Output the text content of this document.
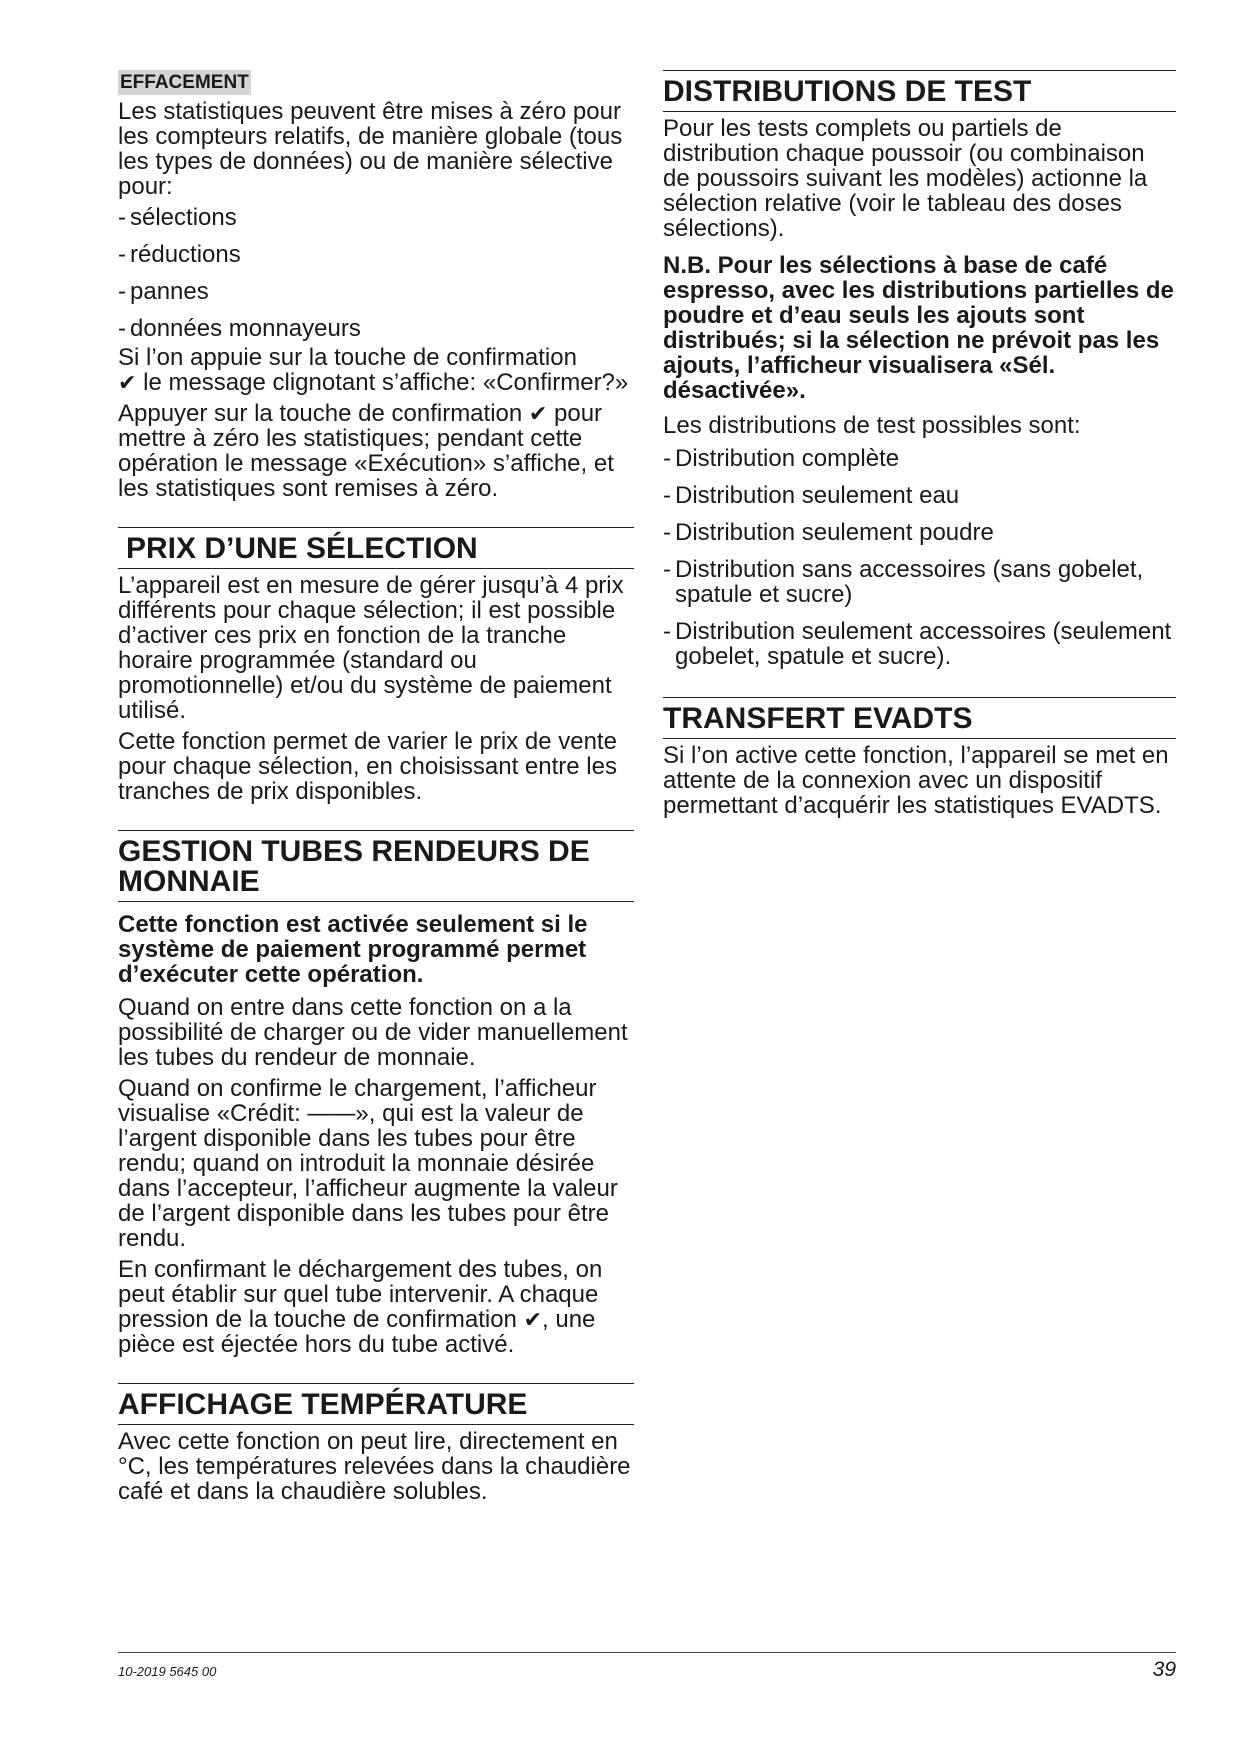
EFFACEMENT

Les statistiques peuvent être mises à zéro pour les compteurs relatifs, de manière globale (tous les types de données) ou de manière sélective pour:

- sélections
- réductions
- pannes
- données monnayeurs

Si l’on appuie sur la touche de confirmation
✔ le message clignotant s’affiche: «Confirmer?»

Appuyer sur la touche de confirmation ✔ pour mettre à zéro les statistiques; pendant cette opération le message «Exécution» s’affiche, et les statistiques sont remises à zéro.

PRIX D’UNE SÉLECTION

L’appareil est en mesure de gérer jusqu’à 4 prix différents pour chaque sélection; il est possible d’activer ces prix en fonction de la tranche horaire programmée (standard ou promotionnelle) et/ou du système de paiement utilisé.

Cette fonction permet de varier le prix de vente pour chaque sélection, en choisissant entre les tranches de prix disponibles.

GESTION TUBES RENDEURS DE MONNAIE

Cette fonction est activée seulement si le système de paiement programmé permet d’exécuter cette opération.

Quand on entre dans cette fonction on a la possibilité de charger ou de vider manuellement les tubes du rendeur de monnaie.

Quand on confirme le chargement, l’afficheur visualise «Crédit: ——», qui est la valeur de l’argent disponible dans les tubes pour être rendu; quand on introduit la monnaie désirée dans l’accepteur, l’afficheur augmente la valeur de l’argent disponible dans les tubes pour être rendu.

En confirmant le déchargement des tubes, on peut établir sur quel tube intervenir. A chaque pression de la touche de confirmation ✔, une pièce est éjectée hors du tube activé.

AFFICHAGE TEMPÉRATURE

Avec cette fonction on peut lire, directement en °C, les températures relevées dans la chaudière café et dans la chaudière solubles.

DISTRIBUTIONS DE TEST

Pour les tests complets ou partiels de distribution chaque poussoir (ou combinaison de poussoirs suivant les modèles) actionne la sélection relative (voir le tableau des doses sélections).

N.B. Pour les sélections à base de café espresso, avec les distributions partielles de poudre et d’eau seuls les ajouts sont distribués; si la sélection ne prévoit pas les ajouts, l’afficheur visualisera «Sél. désactivée».

Les distributions de test possibles sont:

- Distribution complète
- Distribution seulement eau
- Distribution seulement poudre
- Distribution sans accessoires (sans gobelet, spatule et sucre)
- Distribution seulement accessoires (seulement gobelet, spatule et sucre).
TRANSFERT EVADTS

Si l’on active cette fonction, l’appareil se met en attente de la connexion avec un dispositif permettant d’acquérir les statistiques EVADTS.

10-2019 5645 00	39
